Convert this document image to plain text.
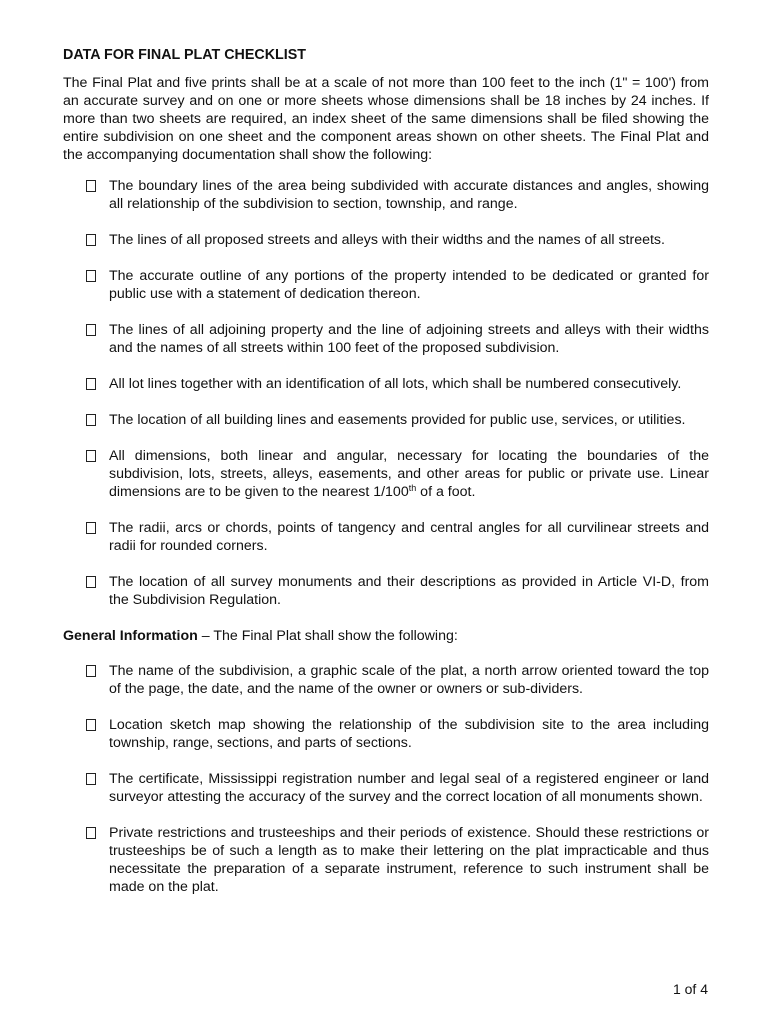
DATA FOR FINAL PLAT CHECKLIST
The Final Plat and five prints shall be at a scale of not more than 100 feet to the inch (1" = 100') from an accurate survey and on one or more sheets whose dimensions shall be 18 inches by 24 inches. If more than two sheets are required, an index sheet of the same dimensions shall be filed showing the entire subdivision on one sheet and the component areas shown on other sheets. The Final Plat and the accompanying documentation shall show the following:
The boundary lines of the area being subdivided with accurate distances and angles, showing all relationship of the subdivision to section, township, and range.
The lines of all proposed streets and alleys with their widths and the names of all streets.
The accurate outline of any portions of the property intended to be dedicated or granted for public use with a statement of dedication thereon.
The lines of all adjoining property and the line of adjoining streets and alleys with their widths and the names of all streets within 100 feet of the proposed subdivision.
All lot lines together with an identification of all lots, which shall be numbered consecutively.
The location of all building lines and easements provided for public use, services, or utilities.
All dimensions, both linear and angular, necessary for locating the boundaries of the subdivision, lots, streets, alleys, easements, and other areas for public or private use. Linear dimensions are to be given to the nearest 1/100th of a foot.
The radii, arcs or chords, points of tangency and central angles for all curvilinear streets and radii for rounded corners.
The location of all survey monuments and their descriptions as provided in Article VI-D, from the Subdivision Regulation.
General Information – The Final Plat shall show the following:
The name of the subdivision, a graphic scale of the plat, a north arrow oriented toward the top of the page, the date, and the name of the owner or owners or sub-dividers.
Location sketch map showing the relationship of the subdivision site to the area including township, range, sections, and parts of sections.
The certificate, Mississippi registration number and legal seal of a registered engineer or land surveyor attesting the accuracy of the survey and the correct location of all monuments shown.
Private restrictions and trusteeships and their periods of existence. Should these restrictions or trusteeships be of such a length as to make their lettering on the plat impracticable and thus necessitate the preparation of a separate instrument, reference to such instrument shall be made on the plat.
1 of 4
